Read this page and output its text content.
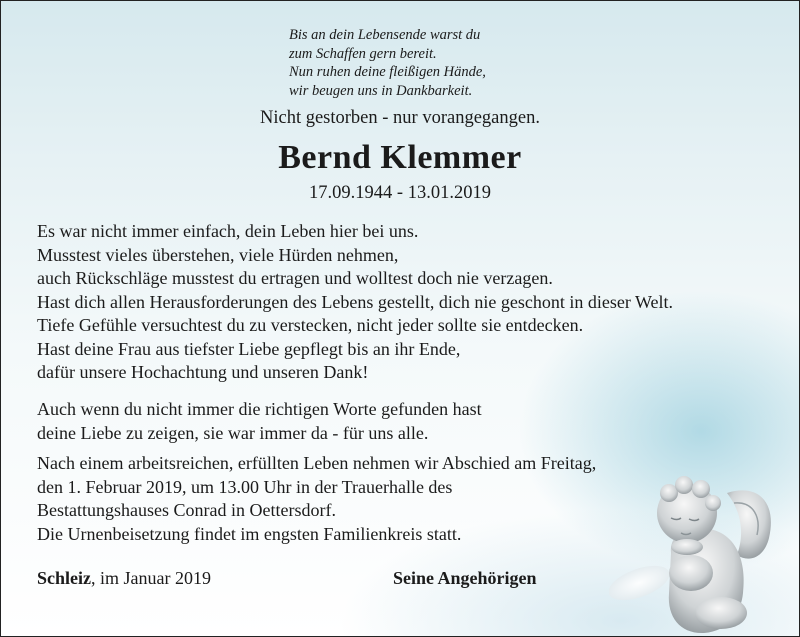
Bis an dein Lebensende warst du
zum Schaffen gern bereit.
Nun ruhen deine fleißigen Hände,
wir beugen uns in Dankbarkeit.
Nicht gestorben - nur vorangegangen.
Bernd Klemmer
17.09.1944 - 13.01.2019
Es war nicht immer einfach, dein Leben hier bei uns.
Musstest vieles überstehen, viele Hürden nehmen,
auch Rückschläge musstest du ertragen und wolltest doch nie verzagen.
Hast dich allen Herausforderungen des Lebens gestellt, dich nie geschont in dieser Welt.
Tiefe Gefühle versuchtest du zu verstecken, nicht jeder sollte sie entdecken.
Hast deine Frau aus tiefster Liebe gepflegt bis an ihr Ende,
dafür unsere Hochachtung und unseren Dank!
Auch wenn du nicht immer die richtigen Worte gefunden hast
deine Liebe zu zeigen, sie war immer da - für uns alle.
Nach einem arbeitsreichen, erfüllten Leben nehmen wir Abschied am Freitag,
den 1. Februar 2019, um 13.00 Uhr in der Trauerhalle des
Bestattungshauses Conrad in Oettersdorf.
Die Urnenbeisetzung findet im engsten Familienkreis statt.
Schleiz, im Januar 2019	Seine Angehörigen
